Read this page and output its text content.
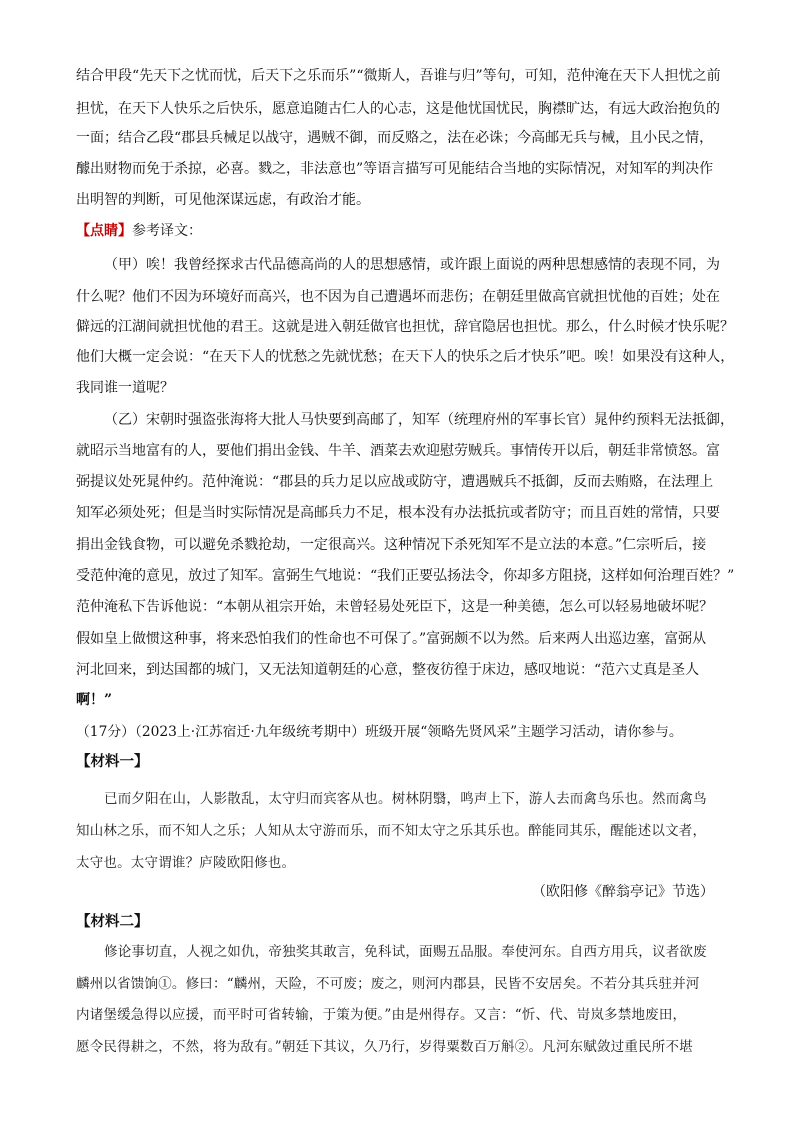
结合甲段“先天下之忧而忧，后天下之乐而乐”“微斯人，吾谁与归”等句，可知，范仲淹在天下人担忧之前
担忧，在天下人快乐之后快乐，愿意追随古仁人的心志，这是他忧国忧民，胸襟旷达，有远大政治抱负的
一面；结合乙段“郡县兵械足以战守，遇贼不御，而反赂之，法在必诛；今高邮无兵与械，且小民之情，
醵出财物而免于杀掠，必喜。戮之，非法意也”等语言描写可见能结合当地的实际情况，对知军的判决作
出明智的判断，可见他深谋远虑，有政治才能。
【点睛】参考译文：
（甲）唉！我曾经探求古代品德高尚的人的思想感情，或许跟上面说的两种思想感情的表现不同，为
什么呢？他们不因为环境好而高兴，也不因为自己遭遇坏而悲伤；在朝廷里做高官就担忧他的百姓；处在
僻远的江湖间就担忧他的君王。这就是进入朝廷做官也担忧，辞官隐居也担忧。那么，什么时候才快乐呢？
他们大概一定会说：“在天下人的忧愁之先就忧愁；在天下人的快乐之后才快乐”吧。唉！如果没有这种人，
我同谁一道呢？
（乙）宋朝时强盗张海将大批人马快要到高邮了，知军（统理府州的军事长官）晁仲约预料无法抵御，
就昭示当地富有的人，要他们捐出金钱、牛羊、酒菜去欢迎慰劳贼兵。事情传开以后，朝廷非常愤怒。富
弼提议处死晁仲约。范仲淹说：“郡县的兵力足以应战或防守，遭遇贼兵不抵御，反而去贿赂，在法理上
知军必须处死；但是当时实际情况是高邮兵力不足，根本没有办法抵抗或者防守；而且百姓的常情，只要
捐出金钱食物，可以避免杀戮抢劫，一定很高兴。这种情况下杀死知军不是立法的本意。”仁宗听后，接
受范仲淹的意见，放过了知军。富弼生气地说：“我们正要弘扬法令，你却多方阻挠，这样如何治理百姓？”
范仲淹私下告诉他说：“本朝从祖宗开始，未曾轻易处死臣下，这是一种美德，怎么可以轻易地破坏呢？
假如皇上做惯这种事，将来恐怕我们的性命也不可保了。”富弼颇不以为然。后来两人出巡边塞，富弼从
河北回来，到达国都的城门，又无法知道朝廷的心意，整夜彷徨于床边，感叹地说：“范六丈真是圣人
啊！”
（17分）（2023上·江苏宿迁·九年级统考期中）班级开展“领略先贤风采”主题学习活动，请你参与。
【材料一】
已而夕阳在山，人影散乱，太守归而宾客从也。树林阴翳，鸣声上下，游人去而禽鸟乐也。然而禽鸟
知山林之乐，而不知人之乐；人知从太守游而乐，而不知太守之乐其乐也。醉能同其乐，醒能述以文者，
太守也。太守谓谁？庐陵欧阳修也。
（欧阳修《醉翁亭记》节选）
【材料二】
修论事切直，人视之如仇，帝独奖其敢言，免科试，面赐五品服。奉使河东。自西方用兵，议者欲废
麟州以省馈饷①。修曰：“麟州，天险，不可废；废之，则河内郡县，民皆不安居矣。不若分其兵驻并河
内诸堡缓急得以应援，而平时可省转输，于策为便。”由是州得存。又言：“忻、代、岢岚多禁地废田，
愿令民得耕之，不然，将为敌有。”朝廷下其议，久乃行，岁得粟数百万斛②。凡河东赋敛过重民所不堪
